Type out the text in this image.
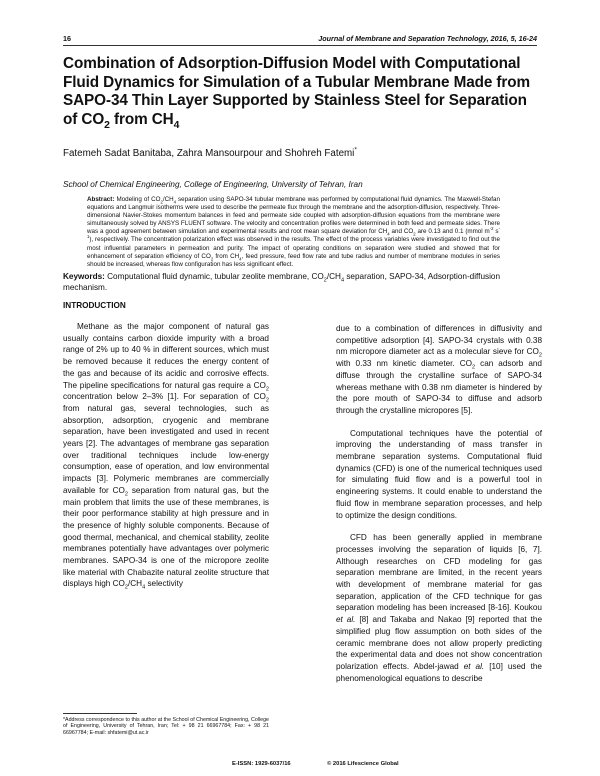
16	Journal of Membrane and Separation Technology, 2016, 5, 16-24
Combination of Adsorption-Diffusion Model with Computational Fluid Dynamics for Simulation of a Tubular Membrane Made from SAPO-34 Thin Layer Supported by Stainless Steel for Separation of $CO_2$ from $CH_4$
Fatemeh Sadat Banitaba, Zahra Mansourpour and Shohreh Fatemi*
School of Chemical Engineering, College of Engineering, University of Tehran, Iran
Abstract: Modeling of $CO_2/CH_4$ separation using SAPO-34 tubular membrane was performed by computational fluid dynamics. The Maxwell-Stefan equations and Langmuir isotherms were used to describe the permeate flux through the membrane and the adsorption-diffusion, respectively. Three-dimensional Navier-Stokes momentum balances in feed and permeate side coupled with adsorption-diffusion equations from the membrane were simultaneously solved by ANSYS FLUENT software. The velocity and concentration profiles were determined in both feed and permeate sides. There was a good agreement between simulation and experimental results and root mean square deviation for $CH_4$ and $CO_2$ are 0.13 and 0.1 (mmol $m^{-2}$ $s^{-1}$), respectively. The concentration polarization effect was observed in the results. The effect of the process variables were investigated to find out the most influential parameters in permeation and purity. The impact of operating conditions on separation were studied and showed that for enhancement of separation efficiency of $CO_2$ from $CH_4$, feed pressure, feed flow rate and tube radius and number of membrane modules in series should be increased, whereas flow configuration has less significant effect.
Keywords: Computational fluid dynamic, tubular zeolite membrane, $CO_2/CH_4$ separation, SAPO-34, Adsorption-diffusion mechanism.
INTRODUCTION

Methane as the major component of natural gas usually contains carbon dioxide impurity with a broad range of 2% up to 40 % in different sources, which must be removed because it reduces the energy content of the gas and because of its acidic and corrosive effects. The pipeline specifications for natural gas require a $CO_2$ concentration below 2–3% [1]. For separation of $CO_2$ from natural gas, several technologies, such as absorption, adsorption, cryogenic and membrane separation, have been investigated and used in recent years [2]. The advantages of membrane gas separation over traditional techniques include low-energy consumption, ease of operation, and low environmental impacts [3]. Polymeric membranes are commercially available for $CO_2$ separation from natural gas, but the main problem that limits the use of these membranes, is their poor performance stability at high pressure and in the presence of highly soluble components. Because of good thermal, mechanical, and chemical stability, zeolite membranes potentially have advantages over polymeric membranes. SAPO-34 is one of the micropore zeolite like material with Chabazite natural zeolite structure that displays high $CO_2/CH_4$ selectivity

due to a combination of differences in diffusivity and competitive adsorption [4]. SAPO-34 crystals with 0.38 nm micropore diameter act as a molecular sieve for $CO_2$ with 0.33 nm kinetic diameter. $CO_2$ can adsorb and diffuse through the crystalline surface of SAPO-34 whereas methane with 0.38 nm diameter is hindered by the pore mouth of SAPO-34 to diffuse and adsorb through the crystalline micropores [5].

Computational techniques have the potential of improving the understanding of mass transfer in membrane separation systems. Computational fluid dynamics (CFD) is one of the numerical techniques used for simulating fluid flow and is a powerful tool in engineering systems. It could enable to understand the fluid flow in membrane separation processes, and help to optimize the design conditions.

CFD has been generally applied in membrane processes involving the separation of liquids [6, 7]. Although researches on CFD modeling for gas separation membrane are limited, in the recent years with development of membrane material for gas separation, application of the CFD technique for gas separation modeling has been increased [8-16]. Koukou et al. [8] and Takaba and Nakao [9] reported that the simplified plug flow assumption on both sides of the ceramic membrane does not allow properly predicting the experimental data and does not show concentration polarization effects. Abdel-jawad et al. [10] used the phenomenological equations to describe

*Address correspondence to this author at the School of Chemical Engineering, College of Engineering, University of Tehran, Iran; Tel: + 98 21 66967784; Fax: + 98 21 66967784; E-mail: shfatemi@ut.ac.ir
E-ISSN: 1929-6037/16	© 2016 Lifescience Global
